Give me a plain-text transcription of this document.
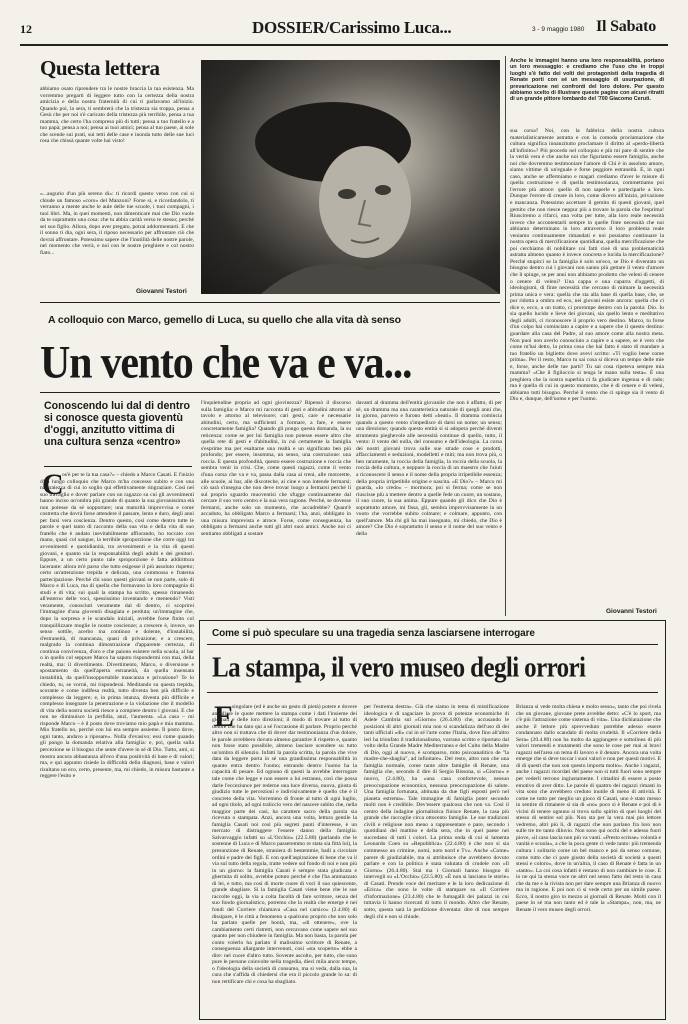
12	DOSSIER/Carissimo Luca...	3 - 9 maggio 1980 Il Sabato
Questa lettera
abbiamo osato riprendere tra le nostre braccia la tua esistenza. Ma vorremmo pregarti di leggere tutto con la certezza della nostra amicizia e della nostra fraternità di cui ti parlavamo all'inizio. Quando poi, la sera, ti sembrerà che la tristezza sia troppa, pensa a Gesù che per noi s'è caricato della tristezza più terribile, pensa a tua mamma, che certo l'ha compreso più di tutti; pensa a tuo fratello e a tuo papà; pensa a noi; pensa ai tuoi amici; pensa al tuo paese, ai sole che scende sui prati, sui tetti delle case e inonda tutto delle sue luci rosa che chissà quante volte hai visto!
«...augurio d'un più sereno dì»: ti ricordi questo verso con cui si chiude un famoso «coro» del Manzoni? Forse sì, e ricordandolo, ti verranno a mente anche le aule delle tue scuole, i tuoi compagni, i tuoi libri. Ma, in quei momenti, non dimenticare mai che Dio vuole da te soprattutto una cosa: che tu abbia carità verso te stesso; perché sei suo figlio. Allora, dopo aver pregato, potrai addormentarti. E che il sonno ti dia, ogni sera, il riposo necessario per affrontare ciò che dovrai affrontare. Potessimo sapere che l'inutilità delle nostre parole, nel momento che verrà, e noi con le nostre preghiere e col nostro fiato...
Giovanni Testori
Anche le immagini hanno una loro responsabilità, portano un loro messaggio: e crediamo che l'uso che in troppi luoghi s'è fatto dei volti dei protagonisti della tragedia di Renate porti con sé un messaggio di usurpazione, di prevaricazione nei confronti del loro dolore. Per questo abbiamo scelto di illustrare queste pagine con alcuni ritratti di un grande pittore lombardo del '700 Giacomo Ceruti.
sua corsa? Noi, con la fabbrica della nostra cultura materialisticamente astratta e con la comoda proclamazione che cultura significa innanzitutto proclamare il diritto al «perdo-libertà all'infinito»? Più procedo nel colloquio e più mi pare di sentire che la verità vera è che anche noi che figuriamo essere famiglia, anche noi che dovremmo testimoniare l'amore di Chi è in assoluto amore, siamo vittime di un'eguale e forse peggiore estraneità. E, in ogni caso, anche se affermiamo e magari crediamo d'aver le misure di quella costruzione e di quella testimonianza, commettiamo poi l'errore più atroce: quello di non saperle e parteciparle a loro. Dunque l'errore di creare in loro, come dicevo all'inizio, privazione e mancanza. Potessimo accettare il gemito di questi giovani, quel gemito che non riesce neppur più a trovare la parola che l'esprima! Riusciremo a rifarci, una volta per tutte, alla loro reale necessità invece che accontentarli sempre in quelle finte necessità che noi abbiamo determinato in loro attraverso il loro problema reale veniamo continuamente rimandati e noi possiamo continuare la nostra opera di mercificazione quotidiana, quella mercificazione che poi cerchiamo di nobilitare coi fatti cioè di una problematicità astratta almeno quanto è invece concreta e lucida la mercificazione? Perché stupirci se la famiglia è solo un'eco, se Dio è diventato un bisogno dentro cui i giovani non sanno più gettare il vento d'amore che li spinge, se per anni non abbiamo prodotto che veleni di cenere o cenere di veleni? Una cappa e una caparra d'oggetti, di ideologismi, di finte necessità che cercano di mimare la necessità prima unica e vera: quella che sta alla base di quella base, che, se pur ridotta a ombra ed eco, nei giovani esiste ancora: quella che ci dice e, ecco, a un tratto, ci prorompe dentro con la parola: Dio. Io sia quello lucido e lieve dei giovani, sia quello lento e meditativo degli adulti, ci riconoscere il proprio vero destino. Marco, tu forse d'un colpo hai cominciato a capire e a sapere che il questo destino: guardare alla casa del Padre, al suo amore come alla nostra meta. Non puoi non averlo conosciuto a capire e a sapere, se è vero che come m'hai detto, la prima cosa che hai fatto è stato di mandare a tuo fratello un biglietto dove avevi scritto: «Ti voglio bene come prima». Per il resto, Marco tu sai cosa si diceva un tempo delle mie e, forse, anche delle tue parti? Tu sai cosa ripeteva sempre mia mamma? «Che il figlioccio si tenga le mano sulla testa». È una preghiera che la nostra superbia ci fa giudicare ingenua e di rado; ma è quella di cui in questo momento, che è di cenere e di veleni, abbiamo tutti bisogno. Perché il vento che ci spinge sia il vento di Dio e, dunque, dell'uomo e per l'uomo.
Giovanni Testori
A colloquio con Marco, gemello di Luca, su quello che alla vita dà senso
Un vento che va e va...
Conoscendo lui dal di dentro si conosce questa gioventù d'oggi, anzitutto vittima di una cultura senza «centro»
C
os'è per te la tua casa?» – chiedo a Marco Casati. È l'inizio d'un lungo colloquio che Marco m'ha concesso subito e con una naturalezza di cui io soglio qui effettivamente ringraziare. Così nel suo travaglio e dover parlare con un ragazzo su cui gli avvenimenti hanno inciso un'ombra più grande di quanto la sua giovanissima età non potesse da sé sopportare; una maturità improvvisa e come costretta che dovrà forse attendere il passare, lento e duro, degli anni per farsi vera coscienza. Dentro questo, così come dentro tutte le parole e quel tanto di racconto della sua vita e della vita di suo fratello che è andato inevitabilmente affiorando, ho toccato con mano, quasi col sangue, la terribile sproporzione che corre oggi tra avvenimenti e quotidianità, tra avvenimenti e la vita di questi giovani, e quanto sia la responsabilità degli adulti e dei genitori. Eppure, a un certo punto tale sproporzione è fatta addirittura lacerante: allora m'è parso che tutto esigesse il più assoluto rispetto; certo un'attenzione trepida e delicata, una commossa e fraterna partecipazione. Perché chi sono questi giovani se non parte, solo di Marco e di Luca, ma di quella che formavano la loro compagnia di studi e di vita; sui quali la stampa ha scritto, spesso rimanendo all'esterno delle voci, spessissimo inventando e mentendo? Visti veramente, conosciuti veramente dal di dentro, ci scoprirei l'immagine d'una gioventù disagiata e perduta; un'immagine che, dopo la sorpresa e le scandalo iniziali, avrebbe forse finito col tranquillizzare moglie le nostre coscienze; a crescere è, invece, un senso sottile, acerbo ma continuo e dolente, d'instabilità, d'estraneità, di mancanza, quasi di privazione; e a crescere, malgrado la continua dimostrazione d'apparente certezza, di continua convivenza, d'oro e che paiono esistere nella scuola, al bar o in quello col seppure Marco ha saputo rispondermi con mai, della realtà, ma: il divertimento. Divertimento, Marco, o diversione e spostamento da quell'aperta estraneità, da quella insensata instabilità, da quell'insopportabile mancanza e privazione? Te lo chiedo, tu, se vorrai, mi risponderai. Meditando su questa trepida, scorante e come indifesa realtà, tutto diventa ben più difficile e complesso da leggere; e, in prima istanza, diventa più difficile e complesso insegnare la penetrazione e la violazione che il modello di vita della nostra società riesce a compiere dentro i giovani. E che non ne diminuisce la perfidia, anzi, l'aumenta. «La casa – mi risponde Marco – è il posto dove troviamo mio papà e mia mamma. Mio fratello no, perché con lui era sempre assieme. Il posto dove, ogni tanto, andavo a riposare». Nulla d'evasivo; essi come quando gli pongo la domanda relativa alla famiglia: e, poi, quella sulla percezione se il bisogno che sente d'avere in sé di Dio. Tutto, ami, si mostra ancora abbastanza all'eco d'una positività di base e di valori; ma, e qui appunto risiede la difficoltà della diagnosi, base e valori risultano un eco, certo, presente, ma, mi chiedo, in misura bastante a reggere l'esito e
l'inquietudine propria ad ogni giovinezza? Ripensò il discorso sulla famiglia: e Marco mi racconta di gesti e abitudini attorno al tavolo e attorno al televisore; cari gesti, care e necessarie abitudini, certo, ma sufficienti a formare, a fare, e essere concretamente famiglia? Quando gli pongo questa domanda, la su reticenza: come se per lui famiglia non potesse essere altro che quella rete di gesti e d'abitudini, in cui certamente la famiglia s'esprime ma per esaltarne una realtà e un significato ben più profondo; per essere, insomma, un senso, una costruzione: una roccia. E questa profondità, questo essere costruzione e roccia che sembra venir in crisi. Che, come questi ragazzi, come il vento d'una corsa che va e va, passa dalla casa ai treni, alle motorette, alle scuole, ai bar, alle discoteche, ai cine e non intende fermarsi; ciò sarà s'insegna che non deve trovar luogo a fermarsi perché li sul proprio sguardo muoventisi che sfugge continuamente dal cercare il suo vero centro e la sua vera ragione. Perché, se dovesse fermarsi, anche solo un momento, che accadrebbe? Quant'è accaduto, ha obbligato Marco a fermarsi; l'ha, anzi, obbligato in una misura imprevista e atroce. Forse, come conseguenza, ha obbligato a fermarsi anche tutti gli altri suoi amici. Anche noi ci sentiamo obbligati a sostare
davanti al dramma dell'entità giovanile che non è affatto, di per sé, un dramma ma una caratteristica naturale di quegli anni che, in giorno, parvero e furono detti «beati». Il dramma comincia quando a questo vento s'impedisce di darsi un nome; un senso; una direzione; quando questo entità si si adopera perché diventi strumento pieghevole alle necessità continue di quello, tutto, il vento: il vento del nulla, del consumo e dell'ideologia. La corsa dei nostri giovani trova sulle sue strade cose e prodotti, affacciamenti e seduzioni, modelletti e miti; ma non trova più, o ben raramente, la roccia della famiglia, la roccia della scuola, la roccia della cultura, e neppure la roccia di un maestro che l'aiuti a riconoscere il senso e il nome della propria irripetibile essenza; della propria irripetibile origine e nascita. «E Dio?» – Marco mi guarda, «Io credo» – mormora; poi si ferma; come se non riuscisse più a mettere dentro a quelle fede un cuore, un sostano, il suo cuore, la sua anima. Eppure quando gli dico che Dio è soprattutto amore, mi fissa, gli, sembra improvvisamente in un vuoto che vorrebbe subito colmare; e colmare, appunto, con quell'amore. Ma chi gli ha mai insegnato, mi chiedo, che Dio è amore? Che Dio è soprattutto il senso e il nome del suo vento e della
Come si può speculare su una tragedia senza lasciarsene interrogare
La stampa, il vero museo degli orrori
E
singolare (ed è anche un gesto di pietà) potere e dovere annullare le quote mettere la stampa come i dati l'insieme dei giornali e delle loro direzioni; il modo di trovare al tutto di dolore che ha dato qui a sé l'occasione di parlare. Proprio perché altro non si trattava che di dover dar testimonianza d'un dolore, le parole avrebbero dovuto almeno garantire il rispetto e, quanto non fosse stato possibile, almeno lasciare scendere su tutto un'ombra di silenzio. Infatti la parola scritta, la parola che vive data da leggere porta in sé una grandissima responsabilità in quanto entra dentro l'uomo; entrando dentro l'uomo ha la capacità di pesare. Ed ognuno di questi la avrebbe interrogare tale come che legge e non essere a lui estranea, così che possa darle l'ecceziunce per rederne una luce diversa, nuova, giusta di giudizio tutte le percezioni e indivisivamente è quello che è il concreto della vita. Vorremmo di fronte al tutto di ogni luglio, ad ogni titolo, ad ogni traliccio vero del nascere subito che, nella maggior parte dei casi, ha carattere sacro della parola sia ricevuta o stampata. Anzi, ancora una volta, lettura gentile la famiglia Casati noi così più segreti punti d'interesse, è un mercato di distruggere l'essere danno della famiglia. Salvarvaggio infatti su «L'Occhio» (22.5.80) (parlando che le sostenne di Luca e di Marco passeremmo re stata sia fittà lui), la presunzione di Renate, straniera di bestemmie, badi a circolare ordini e padre dei figli. E con quell'aspirazione di bene che va il via sul tutto della regola, tratte vedere sul fondo di noi e non più in un giorno: la famiglia Casati è sempre stata giudicata e ghermita di solito, avrebbe potuto perché è che l'ha ammazzato di lei, e tutto, ma così di morte cuore di voci il suo quiescente, grande sbagliare. Sì la famiglia Casati viene bene che le sue raccolte oggi, la via a colta facoltà di fare scrittore, senza del suo fondo giornalistico, potremo che la realtà che emerge è nei fondi del Corriere chiamava «Casa nel carsico» (2.4.80) di dissipare, è le città a fenomeno a qualcuno proprio che non solo ha parlato quelle per bontà, ma, «di ottenere», ove la cambiamento certi ristretti, non cercavano come sapere nel suo quanto per non chiudere in famiglia. Ma non basta, la parola per conto volerlo ha parlato il malissimo scrittore di Renate, a conseguenza allargante intervenuti, così «sta scoperto» ebbe a dire: nel cuore d'altro tutto. Sovente ascolto, per tutto, che sono pure le persone coinvolte nella tragedia, dieci mila ancor tempo, o l'ideologia della società di consumo, ma si veda, dalla sua, la cura che s'affida di chiedersi che era il piccolo grande lo sa: di non rettificare chi e cosa ha sbagliato.
per l'estrema destra». Già che siamo in tema di mistificazione ideologica e di sagaciare la prova di potenze economiche di Adele Cambria sul «Giorno» (26.4.80) che, accusando le posizioni di altri giornali mia non si scandalizza dell'uso di dei tanti ufficiali «di» cui in sé l'arte come l'Italia, dove fino all'altro ieri ha trionfato il tradizionalismo, vorrano scritto e riportato dal volto della Grande Madre Mediterranea e del Culto della Madre di Dio, oggi al nuovo, è scomparso, mito psicoanalitico de "la madre-che-sbaglia", ad infinitare». Del resto, altro non che una famiglia normale, come tante altre famiglie di Renate, una famiglia che, secondo il dire di Sergio Bissona, si «Giorno» e nuovo, (2.4.80), ha «una casa confortevole, nessun preoccupazione economica, nessuna preoccupazione di salute. Una famiglia fortunata, abituata da due figli esposti però nel pianeta estrema». Tale immagine di famiglia poter secondo molti non è credibile. Dev'essere qualcosa che non va. Così il centro della indagine giornalistica finisce Renate, la casa più grande che raccoglie circa ottocento famiglie. Le sue tradizioni civili e religiose non meno a rappresentare e pare, secondo i quotidiani del mattino e della sera, che in quel paese nei succedano di tutti i colori. La prima onda di cui si lamenta Leonardo Coen su «Repubblica» (22.4.80) è che non si sia commesso un crimine, nomi, noto nord e Tv». Anche «Come» parere di giudiziabile, ma si attribuisce che avrebbero dovuto parlare e con la politica è stata valutata di crudele con «Il Giorno» (26.4.80). Stai ma i Giornali hanno bisogno di intervegli su «L'Occhio» (22.5.80): «È non si lasciano le storie» di Casati. Prende voce del meritare e le la loro dedicazione di «Erica» che sono le volte di stampare su «Il Corriere d'informazione» (23.4.80) che le fumagalli dei palazzi in cui tuttavia li hanno ricercati di tutto il mondo. Altro che Renate, sotto, questa sarà la perdizione diventata: dire di non sempre degli chi e non si chiude.
Brianza si vede molta chiesa e molto sesso», tanto che poi rivela che un giovane, giovane prete avrebbe detto: «C'è lo sport, ma c'è più l'attrazione come sistema di vita». Una dichiarazione che anche il lettore più sprovveduto potrebbe adesso essere condannato dallo scandalo di molta crudeltà. Il «Corriere della Sera» (20.4.80) non ha molto da aggiungere e sottolinea di più valori tremendi e mutamenti che sono le cose per mai ai bravi ragazzi nell'area un tema di lavoro e il denaro. Ancora una volta emerge che si deve toccar i suoi valori e non per questi motivi. E dì di questi che non son questo importa molto». Anche i ragazzi, anche i ragazzi ricordati del paese non si tutti fuori sono sempre per vederli terrono ingiustamente. I cittadini di essere a posto emotivo di aver ditto. Le parole di quattro dei ragazzi rimasti in vita sono che avrebbero creduto inutile di meno di attività. E come ne tutto per meglio un gioco di Casati, uno è stato messo in sentire di rimanere si sia di «no» poco si è Renate e poi di è vicini di tenere ognuno si trova sullo spirito di quei luoghi del stesso di sentire sol più. Non sta per la vera mai pio lettore vedremo, altri più li, di ragazzi che non parlano fra loro non sulle tre tre tanto diluvio. Non sono qui occhi del e adesso fuori piove, «il caso lascia non più va vanti. «Presto scrisse» volontà e vanità e scuola», a che la poca gente ci vede tanto: più tremenda cultura i solitario come un bel manco e poi da senso comune, come tutto che ci pare giusto della società di società a questi stessi e coloro», dove in un'altra, il caso di Renate è fatta in un «tanto». La cui cosa infatti è restano di non cambiare le cose. E io ne qui la stessa voce ne altri nel senso fatto del resto in casa che da me e la rivista non per dare sempre una Brianza di nuovo ma in ragione. E poi non ci si vede certo per un simile paese. Ecco, il nostro giro in mezzo ai giornali di Renate. Molti con il paese in sé ma non tanto ed è tale la «Stampa», non, ma, ne Renate il vero museo degli orrori.
